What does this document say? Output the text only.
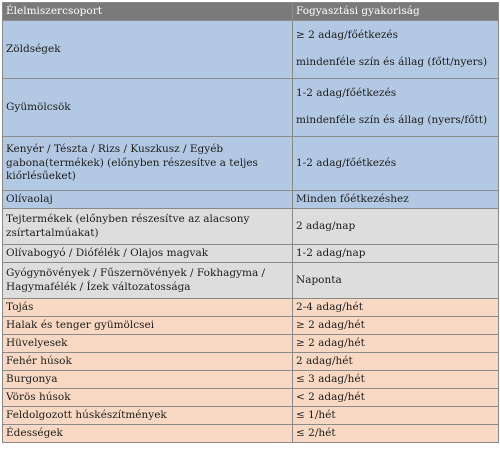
Élelmiszercsoport	Fogyasztási gyakoriság
Zöldségek	≥ 2 adag/főétkezés

mindenféle szín és állag (főtt/nyers)
Gyümölcsök	1-2 adag/főétkezés

mindenféle szín és állag (nyers/főtt)
Kenyér / Tészta / Rizs / Kuszkusz / Egyéb gabona(termékek) (előnyben részesítve a teljes kiőrlésűeket)	1-2 adag/főétkezés
Olívaolaj	Minden főétkezéshez
Tejtermékek (előnyben részesítve az alacsony zsírtartalmúakat)	2 adag/nap
Olívabogyó / Diófélék / Olajos magvak	1-2 adag/nap
Gyógynövények / Fűszernövények / Fokhagyma / Hagymafélék / Ízek változatossága	Naponta
Tojás	2-4 adag/hét
Halak és tenger gyümölcsei	≥ 2 adag/hét
Hüvelyesek	≥ 2 adag/hét
Fehér húsok	2 adag/hét
Burgonya	≤ 3 adag/hét
Vörös húsok	< 2 adag/hét
Feldolgozott húskészítmények	≤ 1/hét
Édességek	≤ 2/hét
